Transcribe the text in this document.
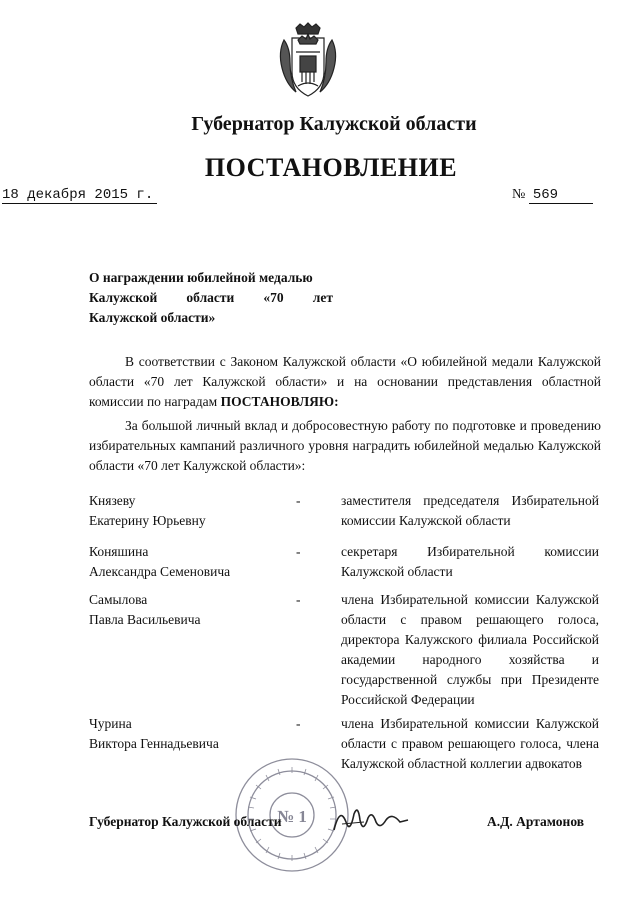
Губернатор Калужской области
ПОСТАНОВЛЕНИЕ
18 декабря 2015 г.	№ 569
О награждении юбилейной медалью
Калужской области «70 лет
Калужской области»
В соответствии с Законом Калужской области «О юбилейной медали Калужской области «70 лет Калужской области» и на основании представления областной комиссии по наградам ПОСТАНОВЛЯЮ:
За большой личный вклад и добросовестную работу по подготовке и проведению избирательных кампаний различного уровня наградить юбилейной медалью Калужской области «70 лет Калужской области»:
Князеву
Екатерину Юрьевну
-	заместителя председателя Избирательной комиссии Калужской области
Коняшина
Александра Семеновича
-	секретаря Избирательной комиссии Калужской области
Самылова
Павла Васильевича
-	члена Избирательной комиссии Калужской области с правом решающего голоса, директора Калужского филиала Российской академии народного хозяйства и государственной службы при Президенте Российской Федерации
Чурина
Виктора Геннадьевича
-	члена Избирательной комиссии Калужской области с правом решающего голоса, члена Калужской областной коллегии адвокатов
№ 1
Губернатор Калужской области	А.Д. Артамонов
